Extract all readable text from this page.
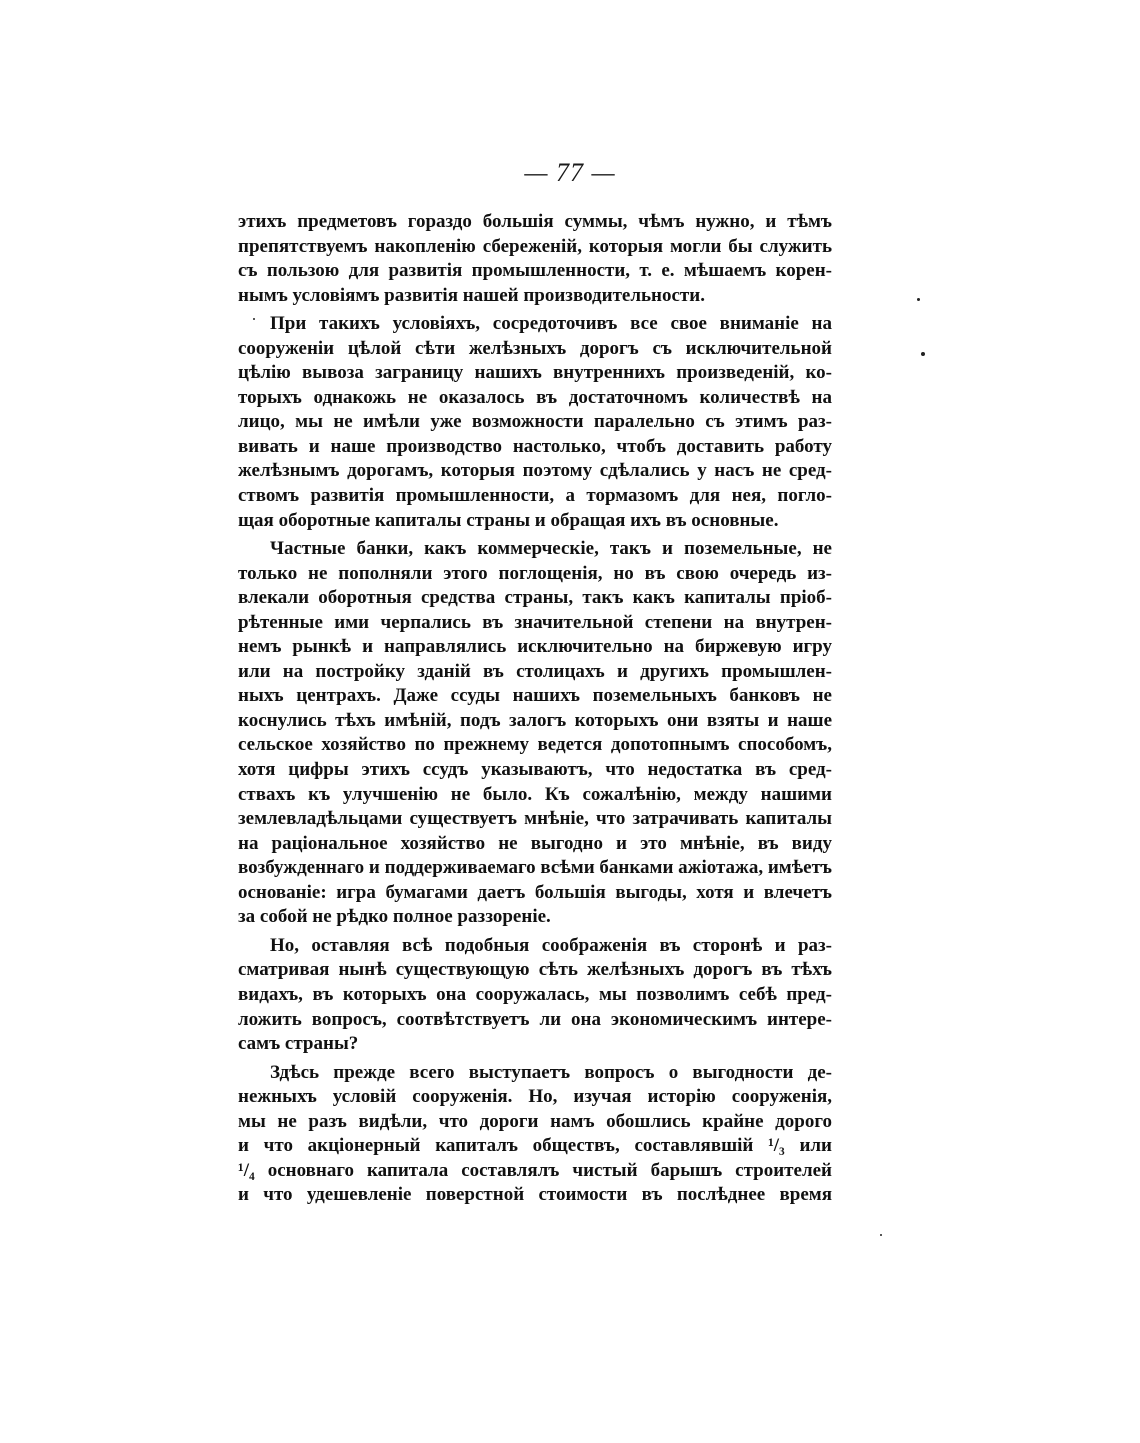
— 77 —
этихъ предметовъ гораздо большія суммы, чѣмъ нужно, и тѣмъ
препятствуемъ накопленію сбереженій, которыя могли бы служить
съ пользою для развитія промышленности, т. е. мѣшаемъ корен-
нымъ условіямъ развитія нашей производительности.
При такихъ условіяхъ, сосредоточивъ все свое вниманіе на
сооруженіи цѣлой сѣти желѣзныхъ дорогъ съ исключительной
цѣлію вывоза заграницу нашихъ внутреннихъ произведеній, ко-
торыхъ однакожь не оказалось въ достаточномъ количествѣ на
лицо, мы не имѣли уже возможности паралельно съ этимъ раз-
вивать и наше производство настолько, чтобъ доставить работу
желѣзнымъ дорогамъ, которыя поэтому сдѣлались у насъ не сред-
ствомъ развитія промышленности, а тормазомъ для нея, погло-
щая оборотные капиталы страны и обращая ихъ въ основные.
Частные банки, какъ коммерческіе, такъ и поземельные, не
только не пополняли этого поглощенія, но въ свою очередь из-
влекали оборотныя средства страны, такъ какъ капиталы пріоб-
рѣтенные ими черпались въ значительной степени на внутрен-
немъ рынкѣ и направлялись исключительно на биржевую игру
или на постройку зданій въ столицахъ и другихъ промышлен-
ныхъ центрахъ. Даже ссуды нашихъ поземельныхъ банковъ не
коснулись тѣхъ имѣній, подъ залогъ которыхъ они взяты и наше
сельское хозяйство по прежнему ведется допотопнымъ способомъ,
хотя цифры этихъ ссудъ указываютъ, что недостатка въ сред-
ствахъ къ улучшенію не было. Къ сожалѣнію, между нашими
землевладѣльцами существуетъ мнѣніе, что затрачивать капиталы
на раціональное хозяйство не выгодно и это мнѣніе, въ виду
возбужденнаго и поддерживаемаго всѣми банками ажіотажа, имѣетъ
основаніе: игра бумагами даетъ большія выгоды, хотя и влечетъ
за собой не рѣдко полное раззореніе.
Но, оставляя всѣ подобныя соображенія въ сторонѣ и раз-
сматривая нынѣ существующую сѣть желѣзныхъ дорогъ въ тѣхъ
видахъ, въ которыхъ она сооружалась, мы позволимъ себѣ пред-
ложить вопросъ, соотвѣтствуетъ ли она экономическимъ интере-
самъ страны?
Здѣсь прежде всего выступаетъ вопросъ о выгодности де-
нежныхъ условій сооруженія. Но, изучая исторію сооруженія,
мы не разъ видѣли, что дороги намъ обошлись крайне дорого
и что акціонерный капиталъ обществъ, составлявшій ¹/₃ или
¹/₄ основнаго капитала составлялъ чистый барышъ строителей
и что удешевленіе поверстной стоимости въ послѣднее время
